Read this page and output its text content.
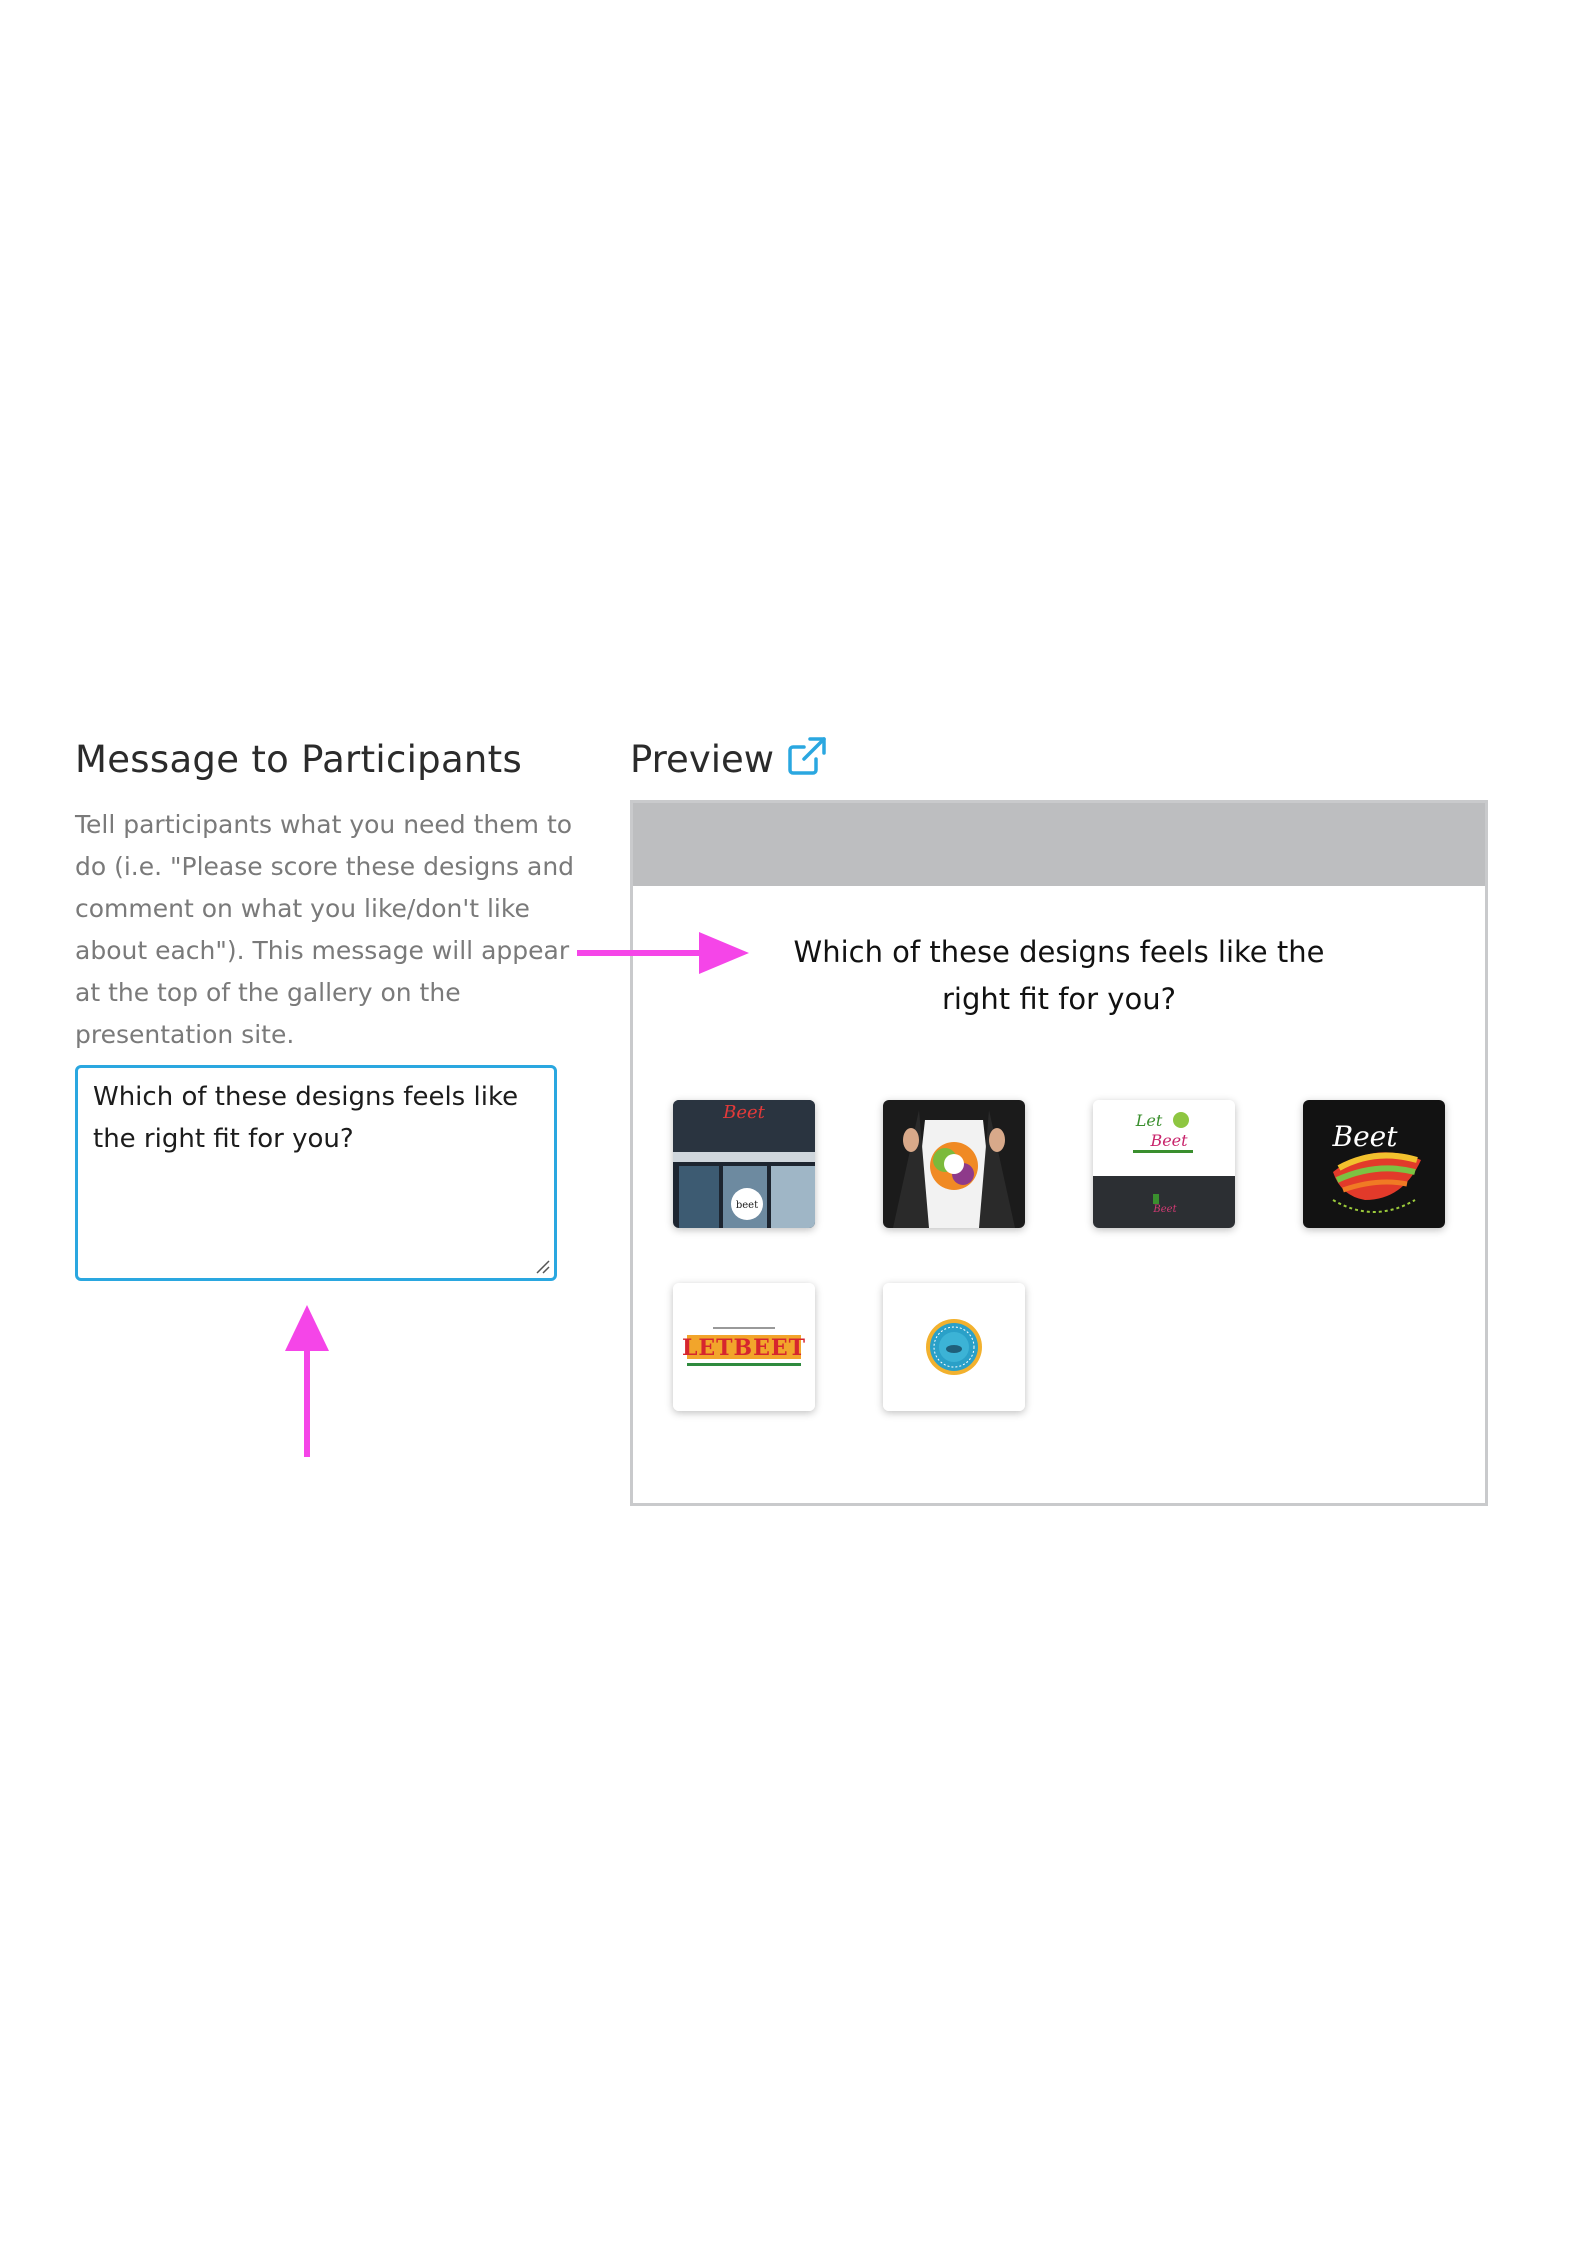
Message to Participants
Tell participants what you need them to do (i.e. "Please score these designs and comment on what you like/don't like about each"). This message will appear at the top of the gallery on the presentation site.
Which of these designs feels like the right fit for you?
Preview
Which of these designs feels like the right fit for you?
Beet
beet
Let
Beet
Beet
Beet
LETBEET
